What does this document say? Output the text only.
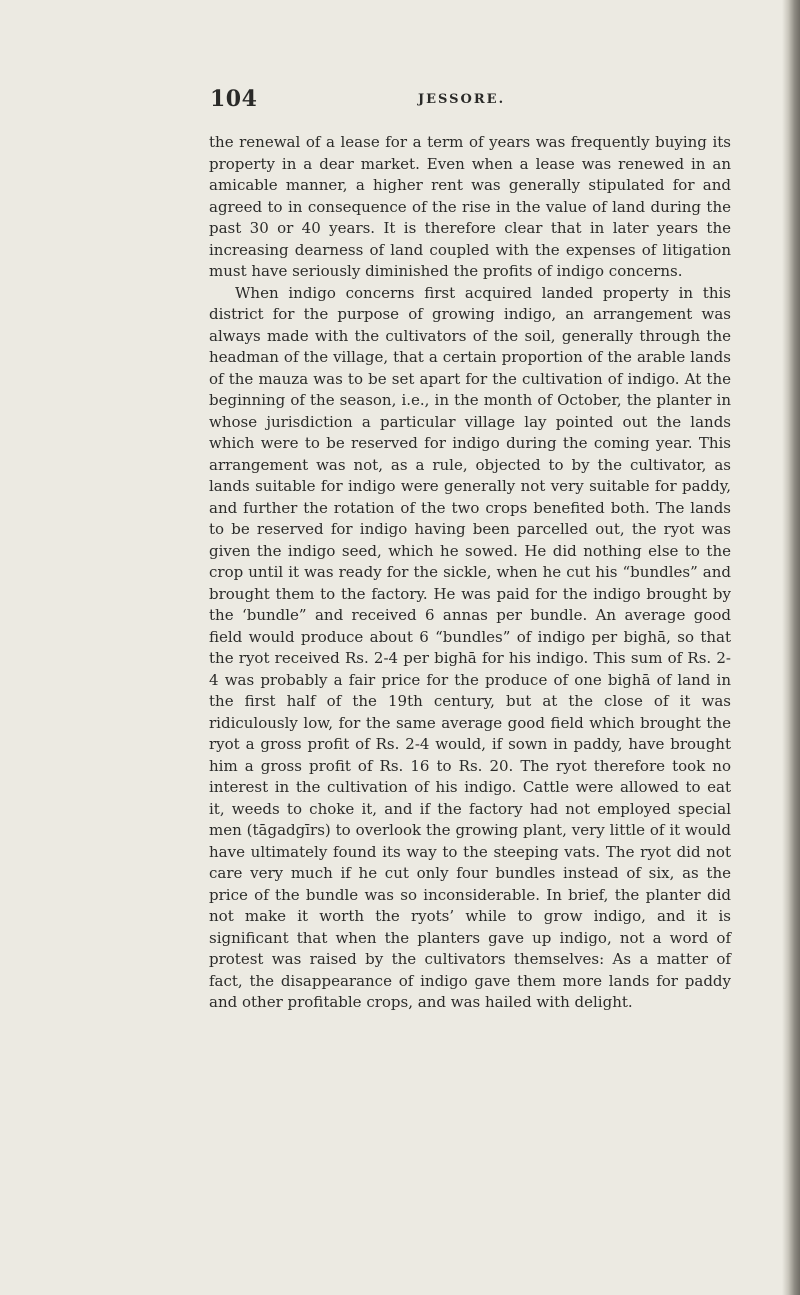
104	JESSORE.

the renewal of a lease for a term of years was frequently buying its property in a dear market. Even when a lease was renewed in an amicable manner, a higher rent was generally stipulated for and agreed to in consequence of the rise in the value of land during the past 30 or 40 years. It is therefore clear that in later years the increasing dearness of land coupled with the expenses of litigation must have seriously diminished the profits of indigo concerns.

When indigo concerns first acquired landed property in this district for the purpose of growing indigo, an arrangement was always made with the cultivators of the soil, generally through the headman of the village, that a certain proportion of the arable lands of the mauza was to be set apart for the cultivation of indigo. At the beginning of the season, i.e., in the month of October, the planter in whose jurisdiction a particular village lay pointed out the lands which were to be reserved for indigo during the coming year. This arrangement was not, as a rule, objected to by the cultivator, as lands suitable for indigo were generally not very suitable for paddy, and further the rotation of the two crops benefited both. The lands to be reserved for indigo having been parcelled out, the ryot was given the indigo seed, which he sowed. He did nothing else to the crop until it was ready for the sickle, when he cut his “bundles” and brought them to the factory. He was paid for the indigo brought by the ‘bundle” and received 6 annas per bundle. An average good field would produce about 6 “bundles” of indigo per bighā, so that the ryot received Rs. 2-4 per bighā for his indigo. This sum of Rs. 2-4 was probably a fair price for the produce of one bighā of land in the first half of the 19th century, but at the close of it was ridiculously low, for the same average good field which brought the ryot a gross profit of Rs. 2-4 would, if sown in paddy, have brought him a gross profit of Rs. 16 to Rs. 20. The ryot therefore took no interest in the cultivation of his indigo. Cattle were allowed to eat it, weeds to choke it, and if the factory had not employed special men (tāgadgīrs) to overlook the growing plant, very little of it would have ultimately found its way to the steeping vats. The ryot did not care very much if he cut only four bundles instead of six, as the price of the bundle was so inconsiderable. In brief, the planter did not make it worth the ryots’ while to grow indigo, and it is significant that when the planters gave up indigo, not a word of protest was raised by the cultivators themselves: As a matter of fact, the disappearance of indigo gave them more lands for paddy and other profitable crops, and was hailed with delight.
